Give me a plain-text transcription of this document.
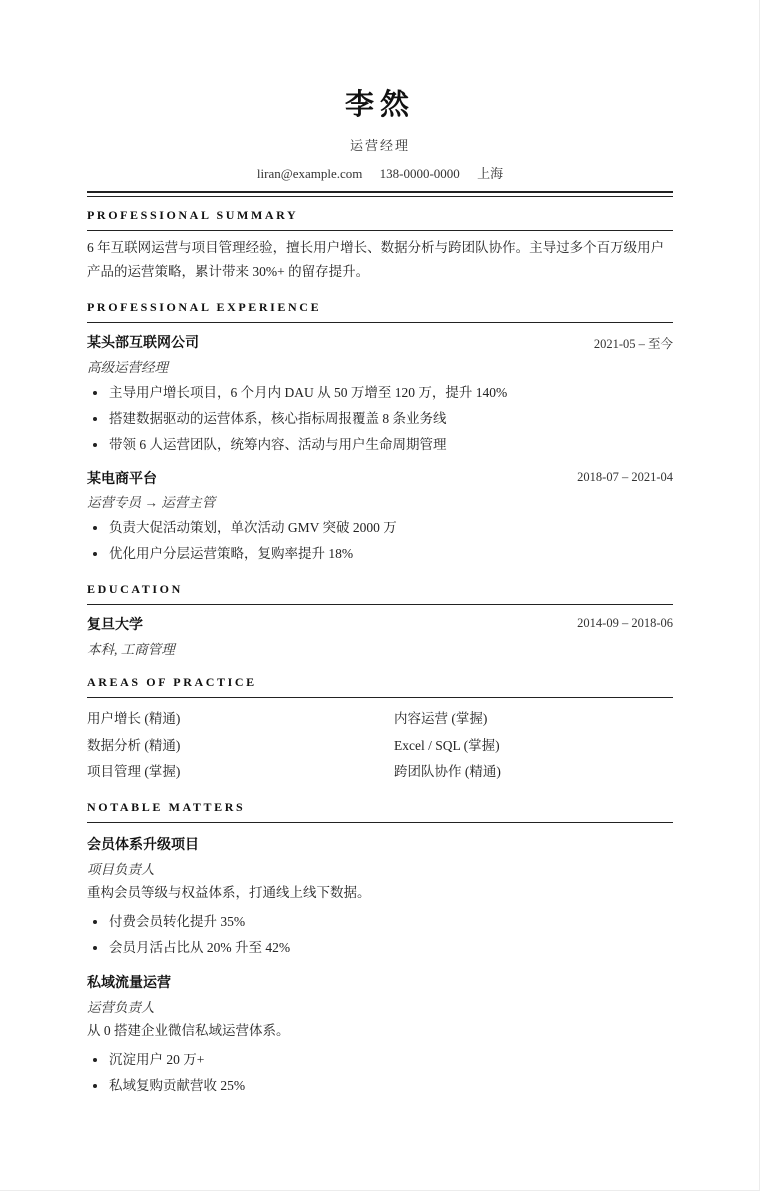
李然
运营经理
liran@example.com 138-0000-0000 上海
PROFESSIONAL SUMMARY
6 年互联网运营与项目管理经验，擅长用户增长、数据分析与跨团队协作。主导过多个百万级用户产品的运营策略，累计带来 30%+ 的留存提升。
PROFESSIONAL EXPERIENCE
某头部互联网公司	2021-05 – 至今
高级运营经理
主导用户增长项目，6 个月内 DAU 从 50 万增至 120 万，提升 140%
搭建数据驱动的运营体系，核心指标周报覆盖 8 条业务线
带领 6 人运营团队，统筹内容、活动与用户生命周期管理
某电商平台	2018-07 – 2021-04
运营专员 → 运营主管
负责大促活动策划，单次活动 GMV 突破 2000 万
优化用户分层运营策略，复购率提升 18%
EDUCATION
复旦大学	2014-09 – 2018-06
本科, 工商管理
AREAS OF PRACTICE
用户增长 (精通)	内容运营 (掌握)
数据分析 (精通)	Excel / SQL (掌握)
项目管理 (掌握)	跨团队协作 (精通)
NOTABLE MATTERS
会员体系升级项目
项目负责人
重构会员等级与权益体系，打通线上线下数据。
付费会员转化提升 35%
会员月活占比从 20% 升至 42%
私域流量运营
运营负责人
从 0 搭建企业微信私域运营体系。
沉淀用户 20 万+
私域复购贡献营收 25%
